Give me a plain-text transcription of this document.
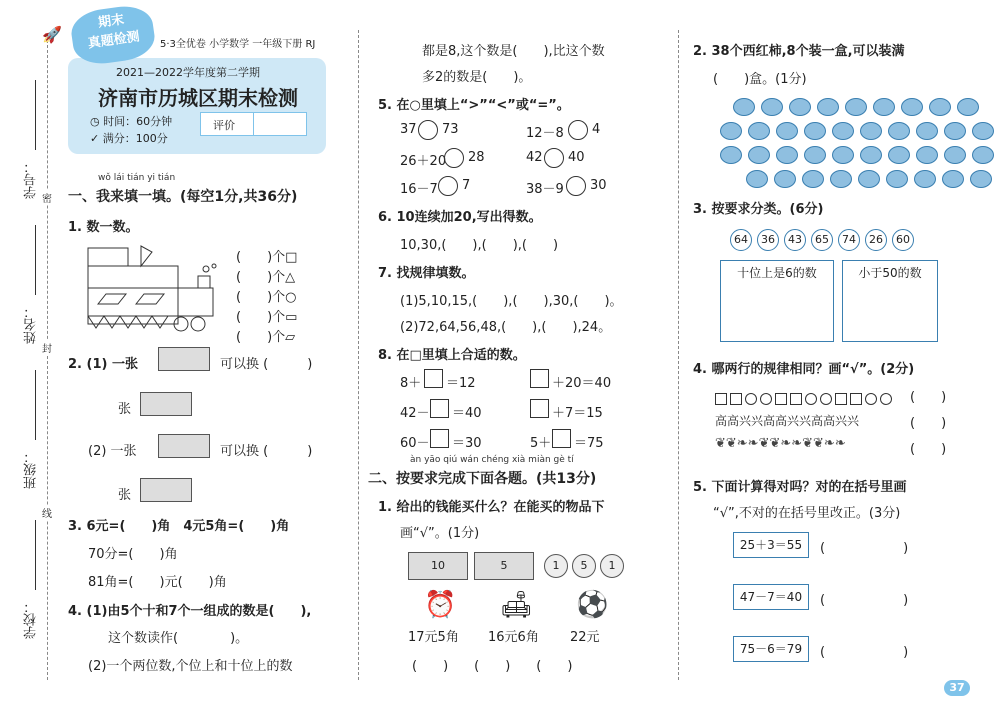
学号：
姓名：
班级：
学校：
密
封
线
🚀
期末
真题检测	5·3全优卷 小学数学 一年级下册 RJ
2021—2022学年度第二学期
济南市历城区期末检测
◷ 时间：60分钟
✓ 满分：100分
评价
wǒ lái tián yi tián
一、我来填一填。(每空1分,共36分)
1. 数一数。
(　　)个□
(　　)个△
(　　)个○
(　　)个▭
(　　)个▱
2. (1) 一张	可以换 (　　　)
张
(2) 一张	可以换 (　　　)
张
3. 6元=(　　)角　4元5角=(　　)角
70分=(　　)角
81角=(　　)元(　　)角
4. (1)由5个十和7个一组成的数是(　　),
这个数读作(　　　　)。
(2)一个两位数,个位上和十位上的数
都是8,这个数是(　　),比这个数
多2的数是(　　)。
5. 在○里填上“>”“<”或“=”。
37 73	12－8 4
26＋20 28	42 40
16－7 7	38－9 30
6. 10连续加20,写出得数。
10,30,(　　),(　　),(　　)
7. 找规律填数。
(1)5,10,15,(　　),(　　),30,(　　)。
(2)72,64,56,48,(　　),(　　),24。
8. 在□里填上合适的数。
8＋ ＝12	＋20＝40
42－ ＝40	＋7＝15
60－ ＝30	5＋ ＝75
àn yāo qiú wán chéng xià miàn gè tí
二、按要求完成下面各题。(共13分)
1. 给出的钱能买什么？在能买的物品下
画“√”。(1分)
10	5	1	5	1
⏰ 🛋 ⚽
17元5角 16元6角 22元
(　　)　　(　　)　　(　　)
2. 38个西红柿,8个装一盒,可以装满
(　　)盒。(1分)
3. 按要求分类。(6分)
64 36 43 65 74 26 60
十位上是6的数	小于50的数
4. 哪两行的规律相同？画“√”。(2分)
(　　)
高高兴兴高高兴兴高高兴兴	(　　)
❦❦❧❧❦❦❧❧❦❦❧❧	(　　)
5. 下面计算得对吗？对的在括号里画
“√”,不对的在括号里改正。(3分)
25＋3＝55	(　　　　　　)
47－7＝40	(　　　　　　)
75－6＝79	(　　　　　　)
37
